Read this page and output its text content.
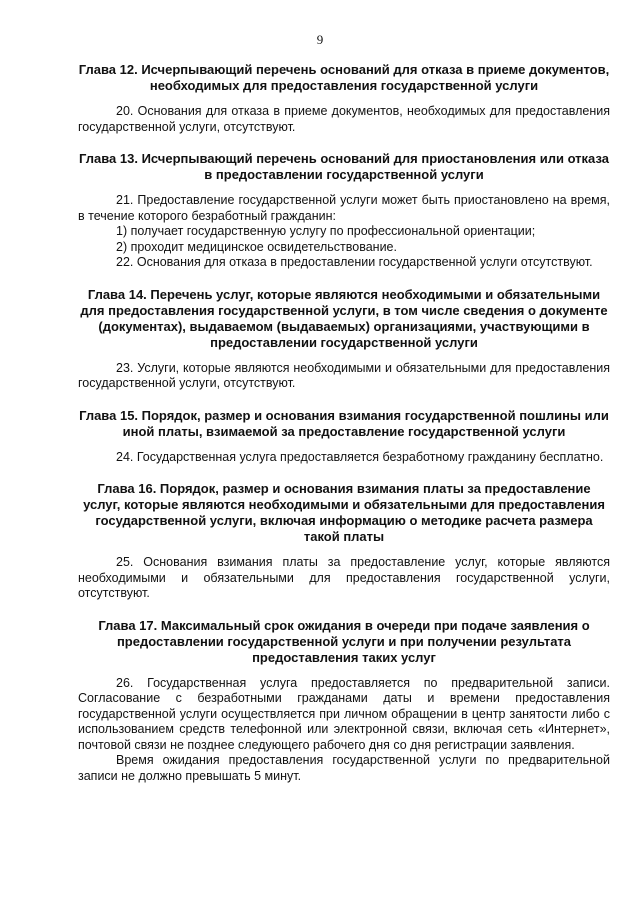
9

Глава 12. Исчерпывающий перечень оснований для отказа в приеме документов, необходимых для предоставления государственной услуги

20. Основания для отказа в приеме документов, необходимых для предоставления государственной услуги, отсутствуют.

Глава 13. Исчерпывающий перечень оснований для приостановления или отказа в предоставлении государственной услуги

21. Предоставление государственной услуги может быть приостановлено на время, в течение которого безработный гражданин:

1) получает государственную услугу по профессиональной ориентации;

2) проходит медицинское освидетельствование.

22. Основания для отказа в предоставлении государственной услуги отсутствуют.

Глава 14. Перечень услуг, которые являются необходимыми и обязательными для предоставления государственной услуги, в том числе сведения о документе (документах), выдаваемом (выдаваемых) организациями, участвующими в предоставлении государственной услуги

23. Услуги, которые являются необходимыми и обязательными для предоставления государственной услуги, отсутствуют.

Глава 15. Порядок, размер и основания взимания государственной пошлины или иной платы, взимаемой за предоставление государственной услуги

24. Государственная услуга предоставляется безработному гражданину бесплатно.

Глава 16. Порядок, размер и основания взимания платы за предоставление услуг, которые являются необходимыми и обязательными для предоставления государственной услуги, включая информацию о методике расчета размера такой платы

25. Основания взимания платы за предоставление услуг, которые являются необходимыми и обязательными для предоставления государственной услуги, отсутствуют.

Глава 17. Максимальный срок ожидания в очереди при подаче заявления о предоставлении государственной услуги и при получении результата предоставления таких услуг

26. Государственная услуга предоставляется по предварительной записи. Согласование с безработными гражданами даты и времени предоставления государственной услуги осуществляется при личном обращении в центр занятости либо с использованием средств телефонной или электронной связи, включая сеть «Интернет», почтовой связи не позднее следующего рабочего дня со дня регистрации заявления.

Время ожидания предоставления государственной услуги по предварительной записи не должно превышать 5 минут.
